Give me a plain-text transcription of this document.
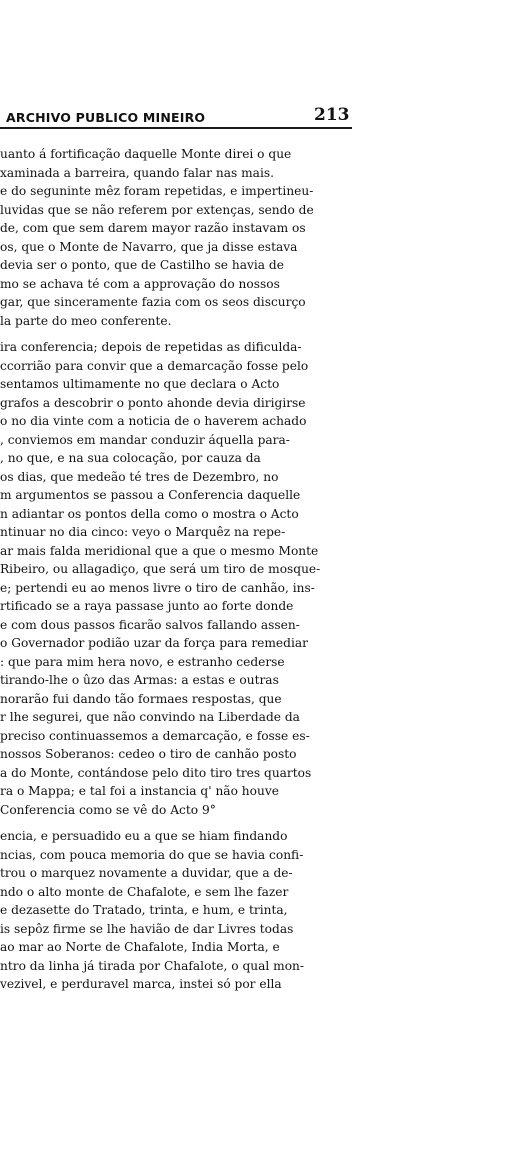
ARCHIVO PUBLICO MINEIRO	213
uanto á fortificação daquelle Monte direi o que
xaminada a barreira, quando falar nas mais.
e do seguninte mêz foram repetidas, e impertineu-
luvidas que se não referem por extenças, sendo de
de, com que sem darem mayor razão instavam os
os, que o Monte de Navarro, que ja disse estava
devia ser o ponto, que de Castilho se havia de
mo se achava té com a approvação do nossos
gar, que sinceramente fazia com os seos discurço
la parte do meo conferente.
ira conferencia; depois de repetidas as dificulda-
ccorrião para convir que a demarcação fosse pelo
sentamos ultimamente no que declara o Acto
grafos a descobrir o ponto ahonde devia dirigirse
o no dia vinte com a noticia de o haverem achado
, conviemos em mandar conduzir áquella para-
, no que, e na sua colocação, por cauza da
os dias, que medeão té tres de Dezembro, no
m argumentos se passou a Conferencia daquelle
n adiantar os pontos della como o mostra o Acto
ntinuar no dia cinco: veyo o Marquêz na repe-
ar mais falda meridional que a que o mesmo Monte
Ribeiro, ou allagadiço, que será um tiro de mosque-
e; pertendi eu ao menos livre o tiro de canhão, ins-
rtificado se a raya passase junto ao forte donde
e com dous passos ficarão salvos fallando assen-
o Governador podião uzar da força para remediar
: que para mim hera novo, e estranho cederse
tirando-lhe o ûzo das Armas: a estas e outras
norarão fui dando tão formaes respostas, que
r lhe segurei, que não convindo na Liberdade da
preciso continuassemos a demarcação, e fosse es-
nossos Soberanos: cedeo o tiro de canhão posto
a do Monte, contándose pelo dito tiro tres quartos
ra o Mappa; e tal foi a instancia q' não houve
Conferencia como se vê do Acto 9°
encia, e persuadido eu a que se hiam findando
ncias, com pouca memoria do que se havia confi-
trou o marquez novamente a duvidar, que a de-
ndo o alto monte de Chafalote, e sem lhe fazer
e dezasette do Tratado, trinta, e hum, e trinta,
is sepôz firme se lhe havião de dar Livres todas
ao mar ao Norte de Chafalote, India Morta, e
ntro da linha já tirada por Chafalote, o qual mon-
vezivel, e perduravel marca, instei só por ella
